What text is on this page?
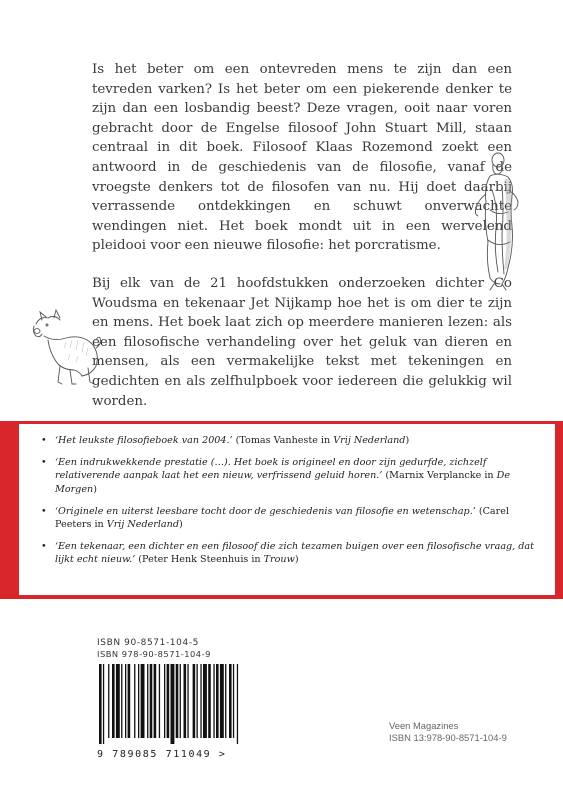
Is het beter om een ontevreden mens te zijn dan een tevreden varken? Is het beter om een piekerende denker te zijn dan een losbandig beest? Deze vragen, ooit naar voren gebracht door de Engelse filosoof John Stuart Mill, staan centraal in dit boek. Filosoof Klaas Rozemond zoekt een antwoord in de geschiedenis van de filosofie, vanaf de vroegste denkers tot de filosofen van nu. Hij doet daarbij verrassende ontdekkingen en schuwt onverwachte wendingen niet. Het boek mondt uit in een wervelend pleidooi voor een nieuwe filosofie: het porcratisme.

Bij elk van de 21 hoofdstukken onderzoeken dichter Co Woudsma en tekenaar Jet Nijkamp hoe het is om dier te zijn en mens. Het boek laat zich op meerdere manieren lezen: als een filosofische verhandeling over het geluk van dieren en mensen, als een vermakelijke tekst met tekeningen en gedichten en als zelfhulpboek voor iedereen die gelukkig wil worden.

• ‘Het leukste filosofieboek van 2004.’ (Tomas Vanheste in Vrij Nederland)
• ‘Een indrukwekkende prestatie (…). Het boek is origineel en door zijn gedurfde, zichzelf relativerende aanpak laat het een nieuw, verfrissend geluid horen.’ (Marnix Verplancke in De Morgen)
• ‘Originele en uiterst leesbare tocht door de geschiedenis van filosofie en wetenschap.’ (Carel Peeters in Vrij Nederland)
• ‘Een tekenaar, een dichter en een filosoof die zich tezamen buigen over een filosofische vraag, dat lijkt echt nieuw.’ (Peter Henk Steenhuis in Trouw)
ISBN 90-8571-104-5
ISBN 978-90-8571-104-9
9 789085 711049 >
Veen Magazines
ISBN 13:978-90-8571-104-9
